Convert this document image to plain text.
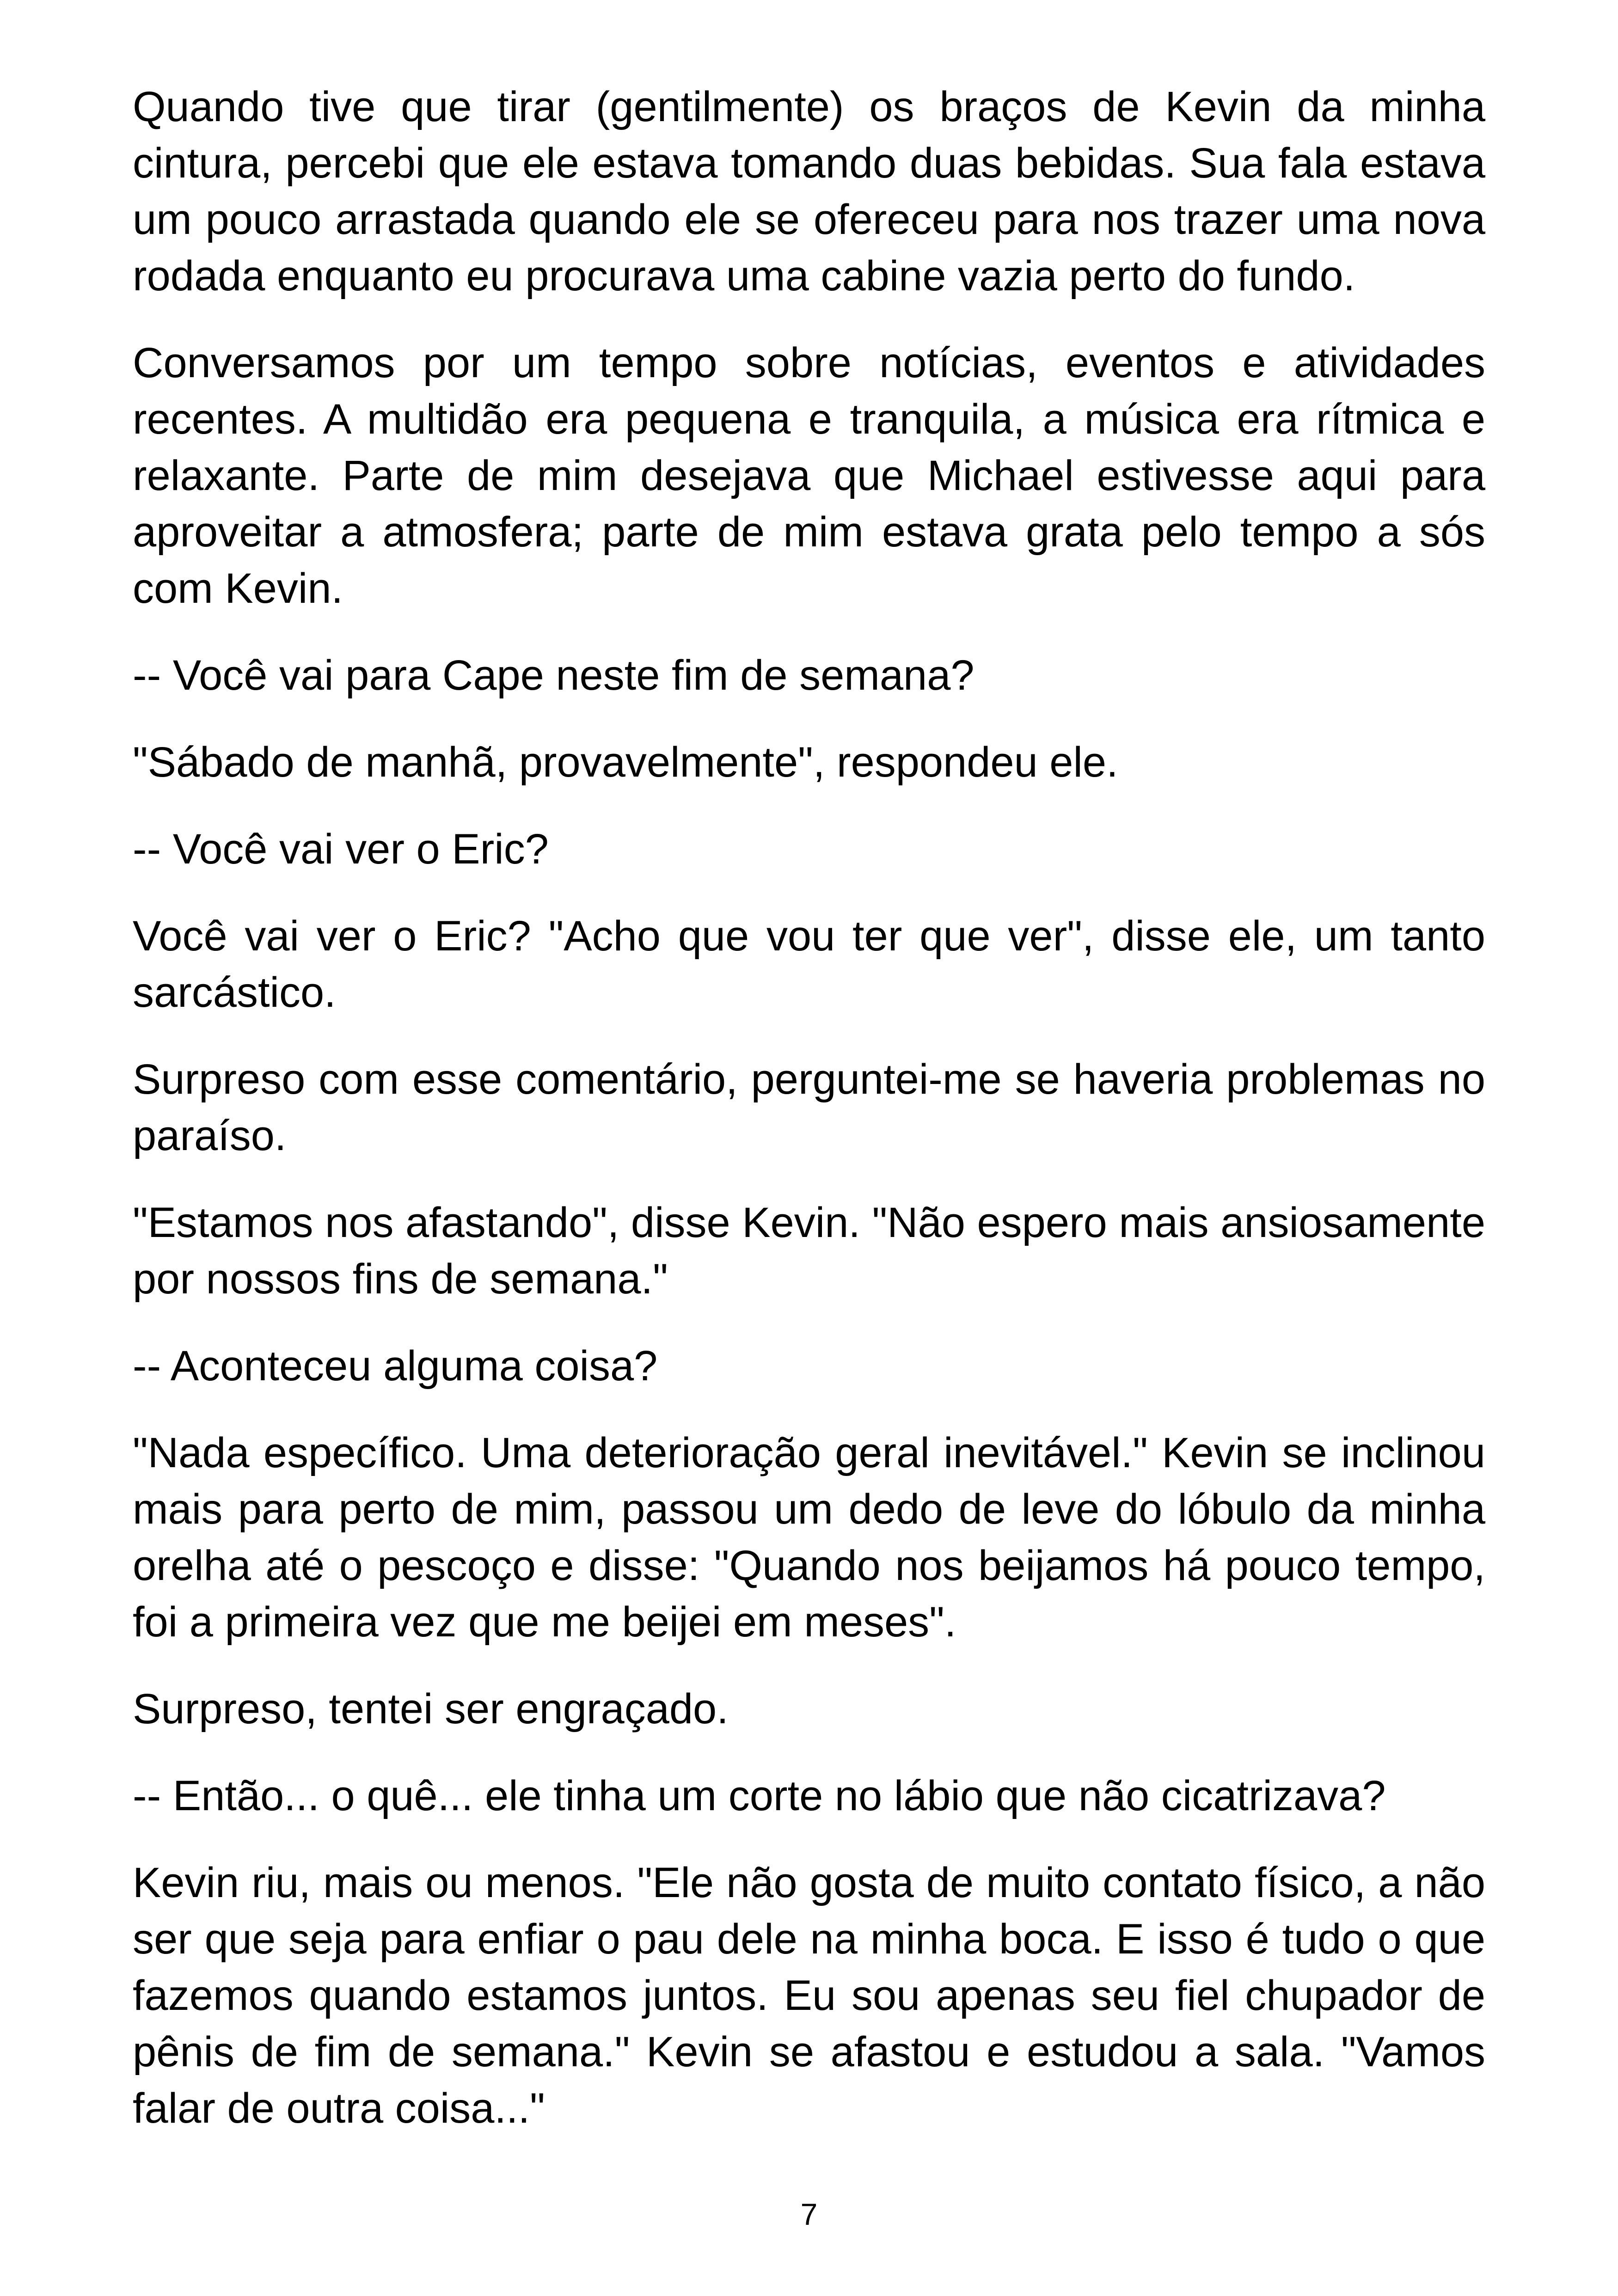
Quando tive que tirar (gentilmente) os braços de Kevin da minha cintura, percebi que ele estava tomando duas bebidas. Sua fala estava um pouco arrastada quando ele se ofereceu para nos trazer uma nova rodada enquanto eu procurava uma cabine vazia perto do fundo.

Conversamos por um tempo sobre notícias, eventos e atividades recentes. A multidão era pequena e tranquila, a música era rítmica e relaxante. Parte de mim desejava que Michael estivesse aqui para aproveitar a atmosfera; parte de mim estava grata pelo tempo a sós com Kevin.

-- Você vai para Cape neste fim de semana?

"Sábado de manhã, provavelmente", respondeu ele.

-- Você vai ver o Eric?

Você vai ver o Eric? "Acho que vou ter que ver", disse ele, um tanto sarcástico.

Surpreso com esse comentário, perguntei-me se haveria problemas no paraíso.

"Estamos nos afastando", disse Kevin. "Não espero mais ansiosamente por nossos fins de semana."

-- Aconteceu alguma coisa?

"Nada específico. Uma deterioração geral inevitável." Kevin se inclinou mais para perto de mim, passou um dedo de leve do lóbulo da minha orelha até o pescoço e disse: "Quando nos beijamos há pouco tempo, foi a primeira vez que me beijei em meses".

Surpreso, tentei ser engraçado.

-- Então... o quê... ele tinha um corte no lábio que não cicatrizava?

Kevin riu, mais ou menos. "Ele não gosta de muito contato físico, a não ser que seja para enfiar o pau dele na minha boca. E isso é tudo o que fazemos quando estamos juntos. Eu sou apenas seu fiel chupador de pênis de fim de semana." Kevin se afastou e estudou a sala. "Vamos falar de outra coisa..."

7
